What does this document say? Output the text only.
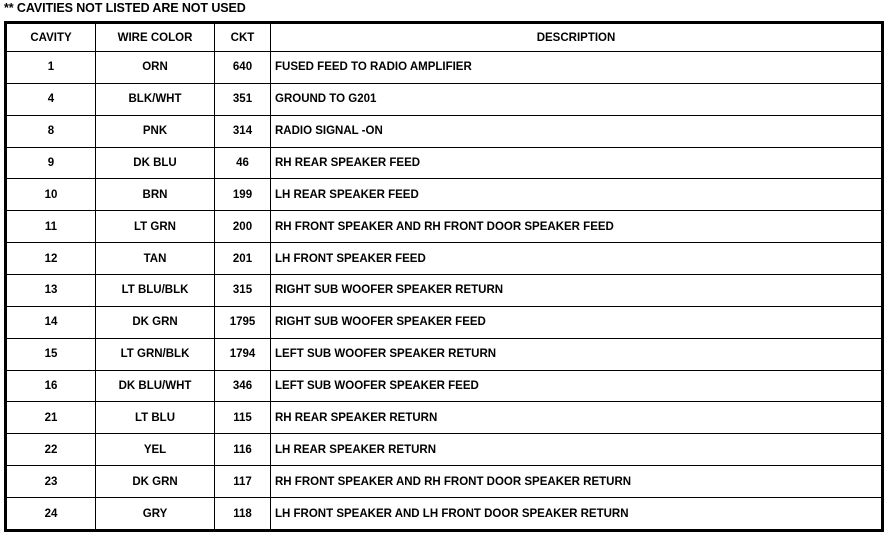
** CAVITIES NOT LISTED ARE NOT USED
CAVITY	WIRE COLOR	CKT	DESCRIPTION
1	ORN	640	FUSED FEED TO RADIO AMPLIFIER
4	BLK/WHT	351	GROUND TO G201
8	PNK	314	RADIO SIGNAL -ON
9	DK BLU	46	RH REAR SPEAKER FEED
10	BRN	199	LH REAR SPEAKER FEED
11	LT GRN	200	RH FRONT SPEAKER AND RH FRONT DOOR SPEAKER FEED
12	TAN	201	LH FRONT SPEAKER FEED
13	LT BLU/BLK	315	RIGHT SUB WOOFER SPEAKER RETURN
14	DK GRN	1795	RIGHT SUB WOOFER SPEAKER FEED
15	LT GRN/BLK	1794	LEFT SUB WOOFER SPEAKER RETURN
16	DK BLU/WHT	346	LEFT SUB WOOFER SPEAKER FEED
21	LT BLU	115	RH REAR SPEAKER RETURN
22	YEL	116	LH REAR SPEAKER RETURN
23	DK GRN	117	RH FRONT SPEAKER AND RH FRONT DOOR SPEAKER RETURN
24	GRY	118	LH FRONT SPEAKER AND LH FRONT DOOR SPEAKER RETURN
